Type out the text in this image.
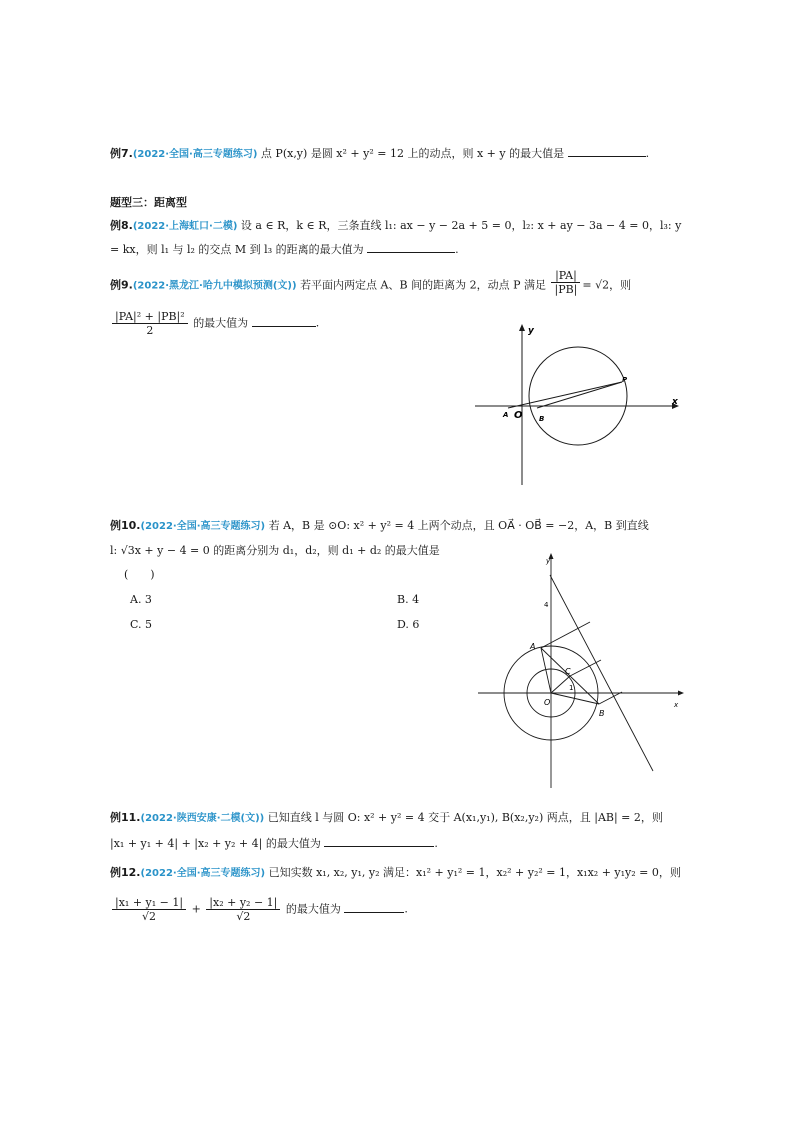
例7.(2022·全国·高三专题练习) 点 P(x,y) 是圆 x² + y² = 12 上的动点，则 x + y 的最大值是	.
题型三：距离型
例8.(2022·上海虹口·二模) 设 a ∈ R，k ∈ R，三条直线 l₁: ax − y − 2a + 5 = 0，l₂: x + ay − 3a − 4 = 0，l₃: y
= kx，则 l₁ 与 l₂ 的交点 M 到 l₃ 的距离的最大值为	.
例9.(2022·黑龙江·哈九中模拟预测(文)) 若平面内两定点 A、B 间的距离为 2，动点 P 满足 $\frac{|PA|}{|PB|} = √2$，则
$\frac{\text{|PA|² + |PB|²}}{2}$ 的最大值为	.
y
x
O
A	B
P
例10.(2022·全国·高三专题练习) 若 A，B 是 ⊙O: x² + y² = 4 上两个动点，且 OA⃗ · OB⃗ = −2，A，B 到直线
l: √3x + y − 4 = 0 的距离分别为 d₁，d₂，则 d₁ + d₂ 的最大值是
(　　)
A. 3	B. 4
C. 5	D. 6
y
x
4
O
A
B
C
1
例11.(2022·陕西安康·二模(文)) 已知直线 l 与圆 O: x² + y² = 4 交于 A(x₁,y₁), B(x₂,y₂) 两点，且 |AB| = 2，则
|x₁ + y₁ + 4| + |x₂ + y₂ + 4| 的最大值为	.
例12.(2022·全国·高三专题练习) 已知实数 x₁, x₂, y₁, y₂ 满足：x₁² + y₁² = 1，x₂² + y₂² = 1，x₁x₂ + y₁y₂ = 0，则
$\frac{\text{|x₁ + y₁ − 1|}}{√2} + \frac{\text{|x₂ + y₂ − 1|}}{√2}$ 的最大值为	.
